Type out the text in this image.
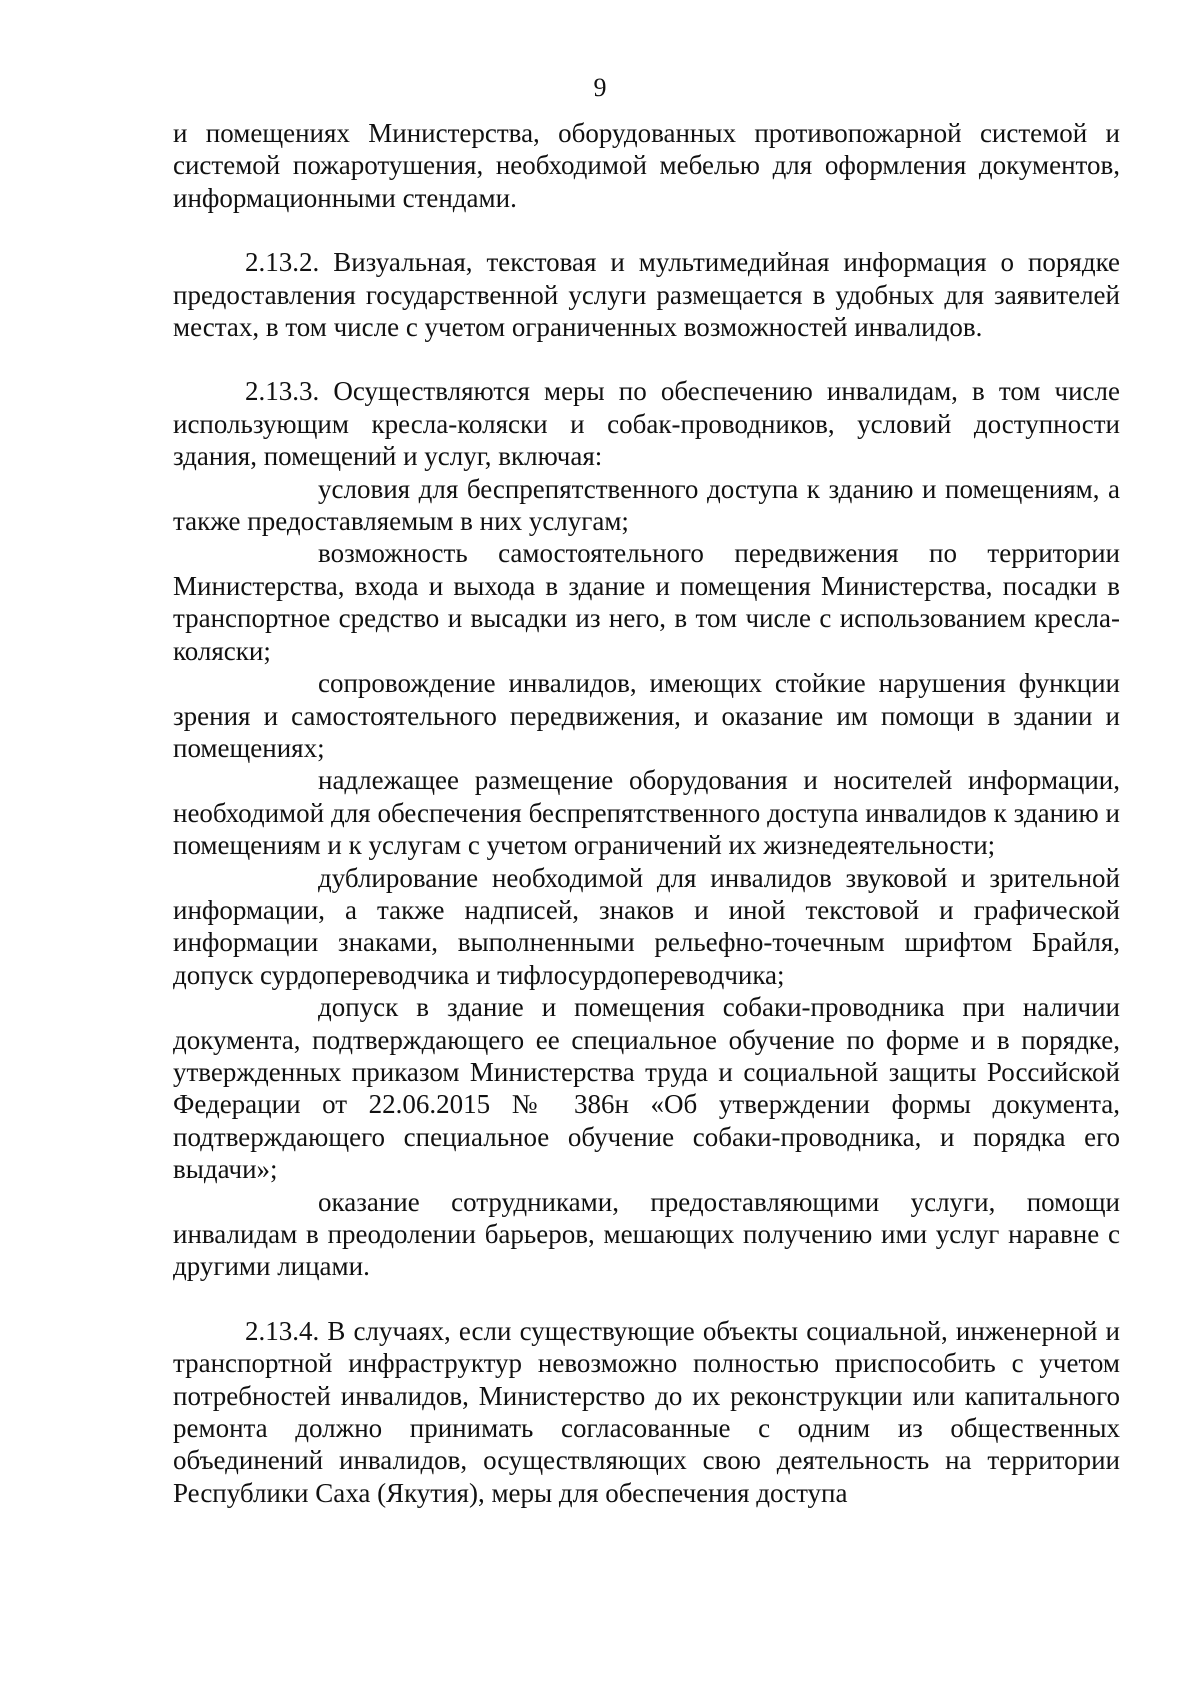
9

и помещениях Министерства, оборудованных противопожарной системой и системой пожаротушения, необходимой мебелью для оформления документов, информационными стендами.

2.13.2. Визуальная, текстовая и мультимедийная информация о порядке предоставления государственной услуги размещается в удобных для заявителей местах, в том числе с учетом ограниченных возможностей инвалидов.

2.13.3. Осуществляются меры по обеспечению инвалидам, в том числе использующим кресла-коляски и собак-проводников, условий доступности здания, помещений и услуг, включая:

условия для беспрепятственного доступа к зданию и помещениям, а также предоставляемым в них услугам;

возможность самостоятельного передвижения по территории Министерства, входа и выхода в здание и помещения Министерства, посадки в транспортное средство и высадки из него, в том числе с использованием кресла-коляски;

сопровождение инвалидов, имеющих стойкие нарушения функции зрения и самостоятельного передвижения, и оказание им помощи в здании и помещениях;

надлежащее размещение оборудования и носителей информации, необходимой для обеспечения беспрепятственного доступа инвалидов к зданию и помещениям и к услугам с учетом ограничений их жизнедеятельности;

дублирование необходимой для инвалидов звуковой и зрительной информации, а также надписей, знаков и иной текстовой и графической информации знаками, выполненными рельефно-точечным шрифтом Брайля, допуск сурдопереводчика и тифлосурдопереводчика;

допуск в здание и помещения собаки-проводника при наличии документа, подтверждающего ее специальное обучение по форме и в порядке, утвержденных приказом Министерства труда и социальной защиты Российской Федерации от 22.06.2015 № 386н «Об утверждении формы документа, подтверждающего специальное обучение собаки-проводника, и порядка его выдачи»;

оказание сотрудниками, предоставляющими услуги, помощи инвалидам в преодолении барьеров, мешающих получению ими услуг наравне с другими лицами.

2.13.4. В случаях, если существующие объекты социальной, инженерной и транспортной инфраструктур невозможно полностью приспособить с учетом потребностей инвалидов, Министерство до их реконструкции или капитального ремонта должно принимать согласованные с одним из общественных объединений инвалидов, осуществляющих свою деятельность на территории Республики Саха (Якутия), меры для обеспечения доступа
